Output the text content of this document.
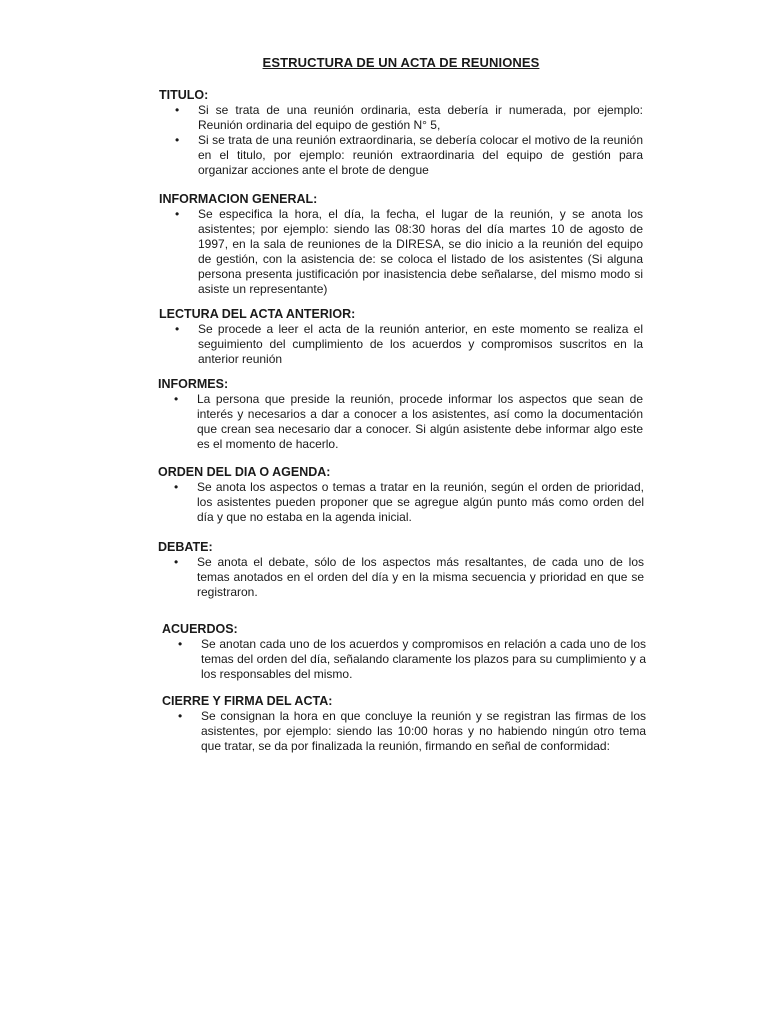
ESTRUCTURA DE UN ACTA DE REUNIONES
TITULO:
• Si se trata de una reunión ordinaria, esta debería ir numerada, por ejemplo: Reunión ordinaria del equipo de gestión N° 5,
• Si se trata de una reunión extraordinaria, se debería colocar el motivo de la reunión en el titulo, por ejemplo: reunión extraordinaria del equipo de gestión para organizar acciones ante el brote de dengue
INFORMACION GENERAL:
• Se especifica la hora, el día, la fecha, el lugar de la reunión, y se anota los asistentes; por ejemplo: siendo las 08:30 horas del día martes 10 de agosto de 1997, en la sala de reuniones de la DIRESA, se dio inicio a la reunión del equipo de gestión, con la asistencia de: se coloca el listado de los asistentes (Si alguna persona presenta justificación por inasistencia debe señalarse, del mismo modo si asiste un representante)
LECTURA DEL ACTA ANTERIOR:
• Se procede a leer el acta de la reunión anterior, en este momento se realiza el seguimiento del cumplimiento de los acuerdos y compromisos suscritos en la anterior reunión
INFORMES:
• La persona que preside la reunión, procede informar los aspectos que sean de interés y necesarios a dar a conocer a los asistentes, así como la documentación que crean sea necesario dar a conocer. Si algún asistente debe informar algo este es el momento de hacerlo.
ORDEN DEL DIA O AGENDA:
• Se anota los aspectos o temas a tratar en la reunión, según el orden de prioridad, los asistentes pueden proponer que se agregue algún punto más como orden del día y que no estaba en la agenda inicial.
DEBATE:
• Se anota el debate, sólo de los aspectos más resaltantes, de cada uno de los temas anotados en el orden del día y en la misma secuencia y prioridad en que se registraron.
ACUERDOS:
• Se anotan cada uno de los acuerdos y compromisos en relación a cada uno de los temas del orden del día, señalando claramente los plazos para su cumplimiento y a los responsables del mismo.
CIERRE Y FIRMA DEL ACTA:
• Se consignan la hora en que concluye la reunión y se registran las firmas de los asistentes, por ejemplo: siendo las 10:00 horas y no habiendo ningún otro tema que tratar, se da por finalizada la reunión, firmando en señal de conformidad:
